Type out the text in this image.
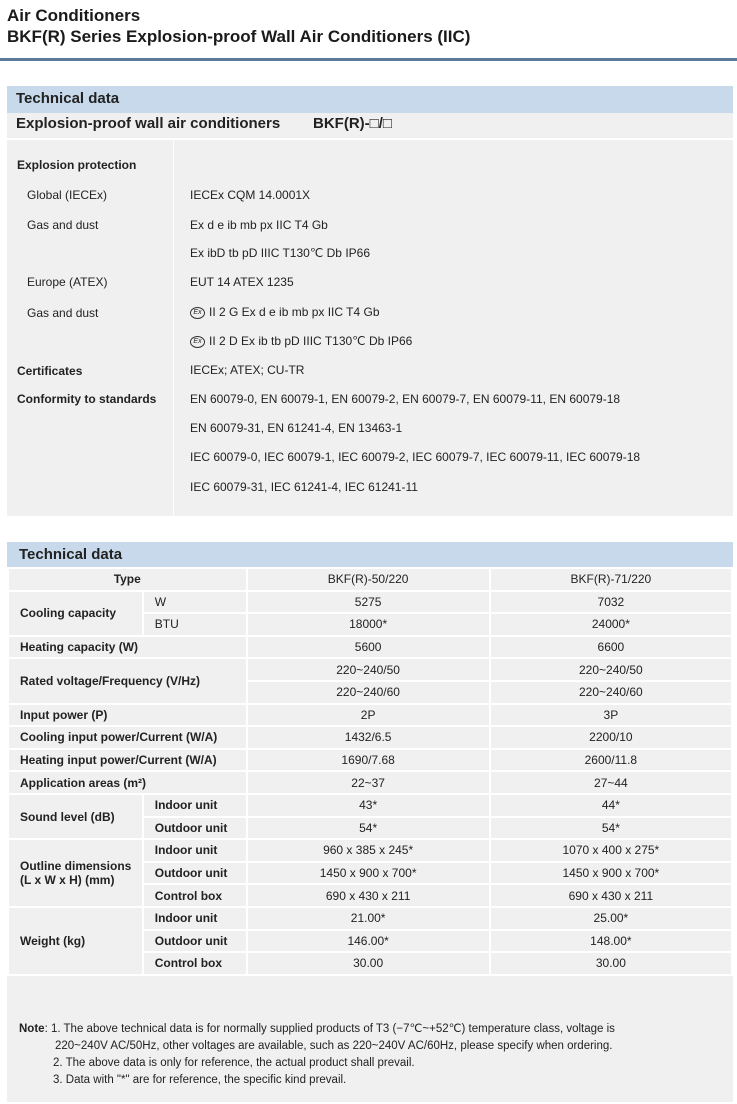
Air Conditioners
BKF(R) Series Explosion-proof Wall Air Conditioners (IIC)
Technical data
Explosion-proof wall air conditioners BKF(R)-□/□
Explosion protection
Global (IECEx)	IECEx CQM 14.0001X
Gas and dust	Ex d e ib mb px IIC T4 Gb
Ex ibD tb pD IIIC T130℃ Db IP66
Europe (ATEX)	EUT 14 ATEX 1235
Gas and dust	Ex II 2 G Ex d e ib mb px IIC T4 Gb
Ex II 2 D Ex ib tb pD IIIC T130℃ Db IP66
Certificates	IECEx; ATEX; CU-TR
Conformity to standards	EN 60079-0, EN 60079-1, EN 60079-2, EN 60079-7, EN 60079-11, EN 60079-18
EN 60079-31, EN 61241-4, EN 13463-1
IEC 60079-0, IEC 60079-1, IEC 60079-2, IEC 60079-7, IEC 60079-11, IEC 60079-18
IEC 60079-31, IEC 61241-4, IEC 61241-11
Technical data
Type		BKF(R)-50/220	BKF(R)-71/220
Cooling capacity	W	5275	7032
	BTU	18000*	24000*
Heating capacity (W)		5600	6600
Rated voltage/Frequency (V/Hz)		220~240/50	220~240/50
		220~240/60	220~240/60
Input power (P)		2P	3P
Cooling input power/Current (W/A)		1432/6.5	2200/10
Heating input power/Current (W/A)		1690/7.68	2600/11.8
Application areas (m²)		22~37	27~44
Sound level (dB)	Indoor unit	43*	44*
	Outdoor unit	54*	54*
Outline dimensions (L x W x H) (mm)	Indoor unit	960 x 385 x 245*	1070 x 400 x 275*
	Outdoor unit	1450 x 900 x 700*	1450 x 900 x 700*
	Control box	690 x 430 x 211	690 x 430 x 211
Weight (kg)	Indoor unit	21.00*	25.00*
	Outdoor unit	146.00*	148.00*
	Control box	30.00	30.00
Note: 1. The above technical data is for normally supplied products of T3 (−7℃~+52℃) temperature class, voltage is
220~240V AC/50Hz, other voltages are available, such as 220~240V AC/60Hz, please specify when ordering.
2. The above data is only for reference, the actual product shall prevail.
3. Data with "*" are for reference, the specific kind prevail.
